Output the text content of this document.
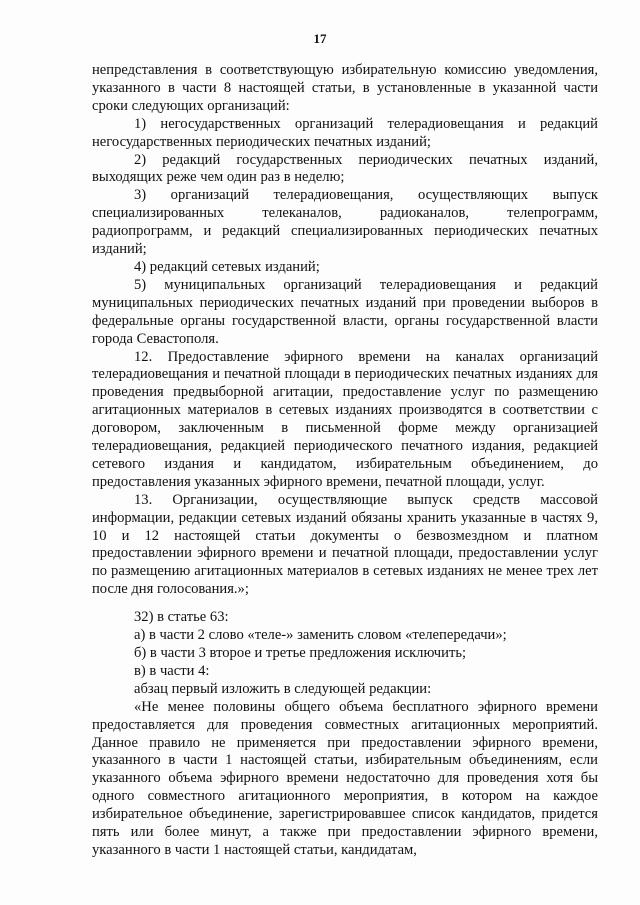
17

непредставления в соответствующую избирательную комиссию уведомления, указанного в части 8 настоящей статьи, в установленные в указанной части сроки следующих организаций:

1) негосударственных организаций телерадиовещания и редакций негосударственных периодических печатных изданий;

2) редакций государственных периодических печатных изданий, выходящих реже чем один раз в неделю;

3) организаций телерадиовещания, осуществляющих выпуск специализированных телеканалов, радиоканалов, телепрограмм, радиопрограмм, и редакций специализированных периодических печатных изданий;

4) редакций сетевых изданий;

5) муниципальных организаций телерадиовещания и редакций муниципальных периодических печатных изданий при проведении выборов в федеральные органы государственной власти, органы государственной власти города Севастополя.

12. Предоставление эфирного времени на каналах организаций телерадиовещания и печатной площади в периодических печатных изданиях для проведения предвыборной агитации, предоставление услуг по размещению агитационных материалов в сетевых изданиях производятся в соответствии с договором, заключенным в письменной форме между организацией телерадиовещания, редакцией периодического печатного издания, редакцией сетевого издания и кандидатом, избирательным объединением, до предоставления указанных эфирного времени, печатной площади, услуг.

13. Организации, осуществляющие выпуск средств массовой информации, редакции сетевых изданий обязаны хранить указанные в частях 9, 10 и 12 настоящей статьи документы о безвозмездном и платном предоставлении эфирного времени и печатной площади, предоставлении услуг по размещению агитационных материалов в сетевых изданиях не менее трех лет после дня голосования.»;

32) в статье 63:

а) в части 2 слово «теле-» заменить словом «телепередачи»;

б) в части 3 второе и третье предложения исключить;

в) в части 4:

абзац первый изложить в следующей редакции:

«Не менее половины общего объема бесплатного эфирного времени предоставляется для проведения совместных агитационных мероприятий. Данное правило не применяется при предоставлении эфирного времени, указанного в части 1 настоящей статьи, избирательным объединениям, если указанного объема эфирного времени недостаточно для проведения хотя бы одного совместного агитационного мероприятия, в котором на каждое избирательное объединение, зарегистрировавшее список кандидатов, придется пять или более минут, а также при предоставлении эфирного времени, указанного в части 1 настоящей статьи, кандидатам,
